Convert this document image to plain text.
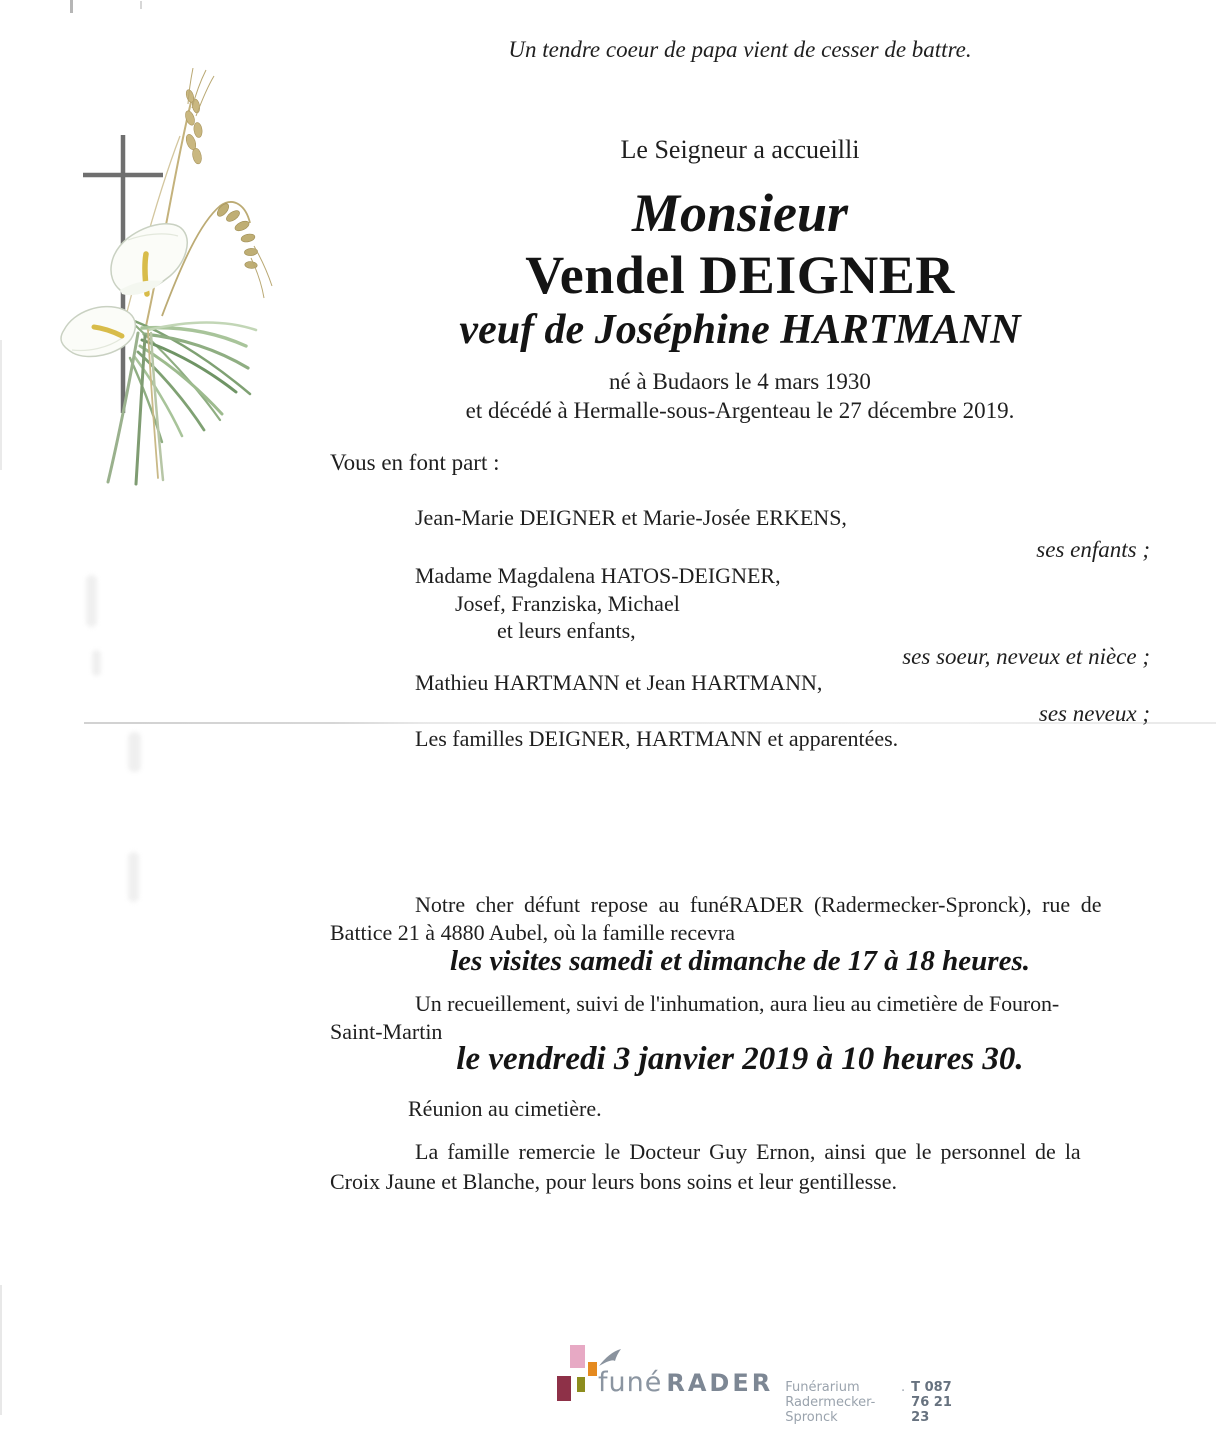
Un tendre coeur de papa vient de cesser de battre.
Le Seigneur a accueilli
Monsieur
Vendel DEIGNER
veuf de Joséphine HARTMANN
né à Budaors le 4 mars 1930
et décédé à Hermalle-sous-Argenteau le 27 décembre 2019.
Vous en font part :
Jean-Marie DEIGNER et Marie-Josée ERKENS,
ses enfants ;
Madame Magdalena HATOS-DEIGNER,
Josef, Franziska, Michael
et leurs enfants,
ses soeur, neveux et nièce ;
Mathieu HARTMANN et Jean HARTMANN,
ses neveux ;
Les familles DEIGNER, HARTMANN et apparentées.
Notre cher défunt repose au funéRADER (Radermecker-Spronck), rue de
Battice 21 à 4880 Aubel, où la famille recevra
les visites samedi et dimanche de 17 à 18 heures.
Un recueillement, suivi de l'inhumation, aura lieu au cimetière de Fouron-
Saint-Martin
le vendredi 3 janvier 2019 à 10 heures 30.
Réunion au cimetière.
La famille remercie le Docteur Guy Ernon, ainsi que le personnel de la
Croix Jaune et Blanche, pour leurs bons soins et leur gentillesse.
funé RADER Funérarium Radermecker-Spronck
. T 087 76 21 23
